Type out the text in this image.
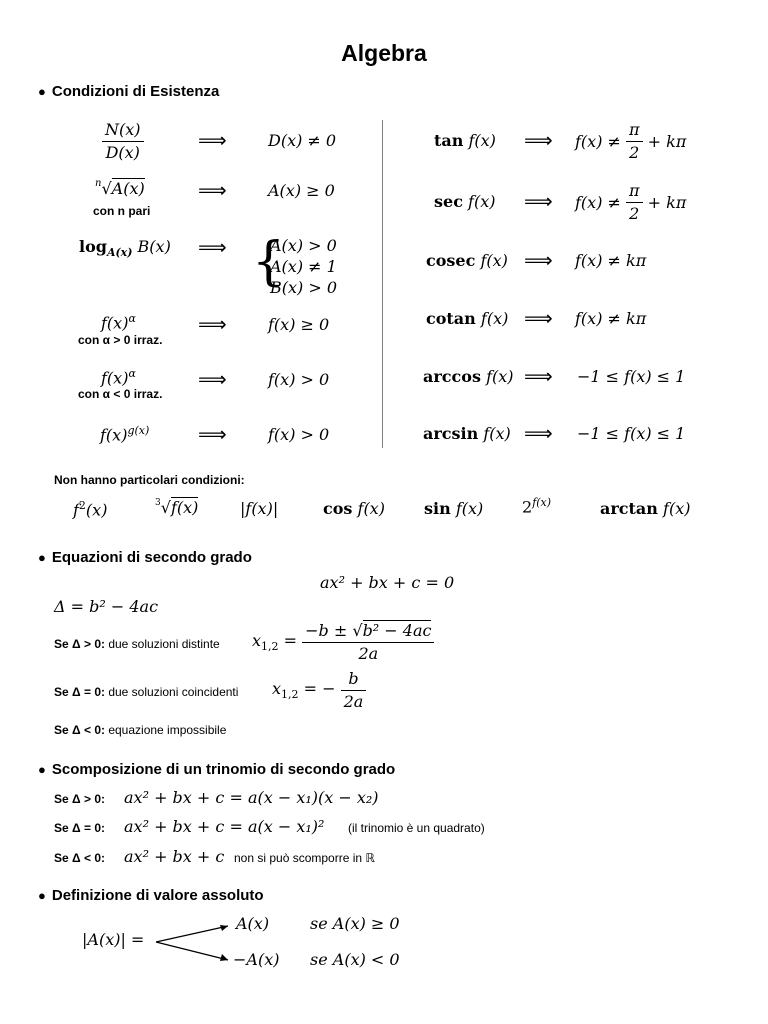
Algebra
● Condizioni di Esistenza
$\frac{N(x)}{D(x)}$	⟹	D(x) ≠ 0
$^n$√A(x)
con n pari
⟹	A(x) ≥ 0
$\log_{A(x)} B(x)$ ⟹ {
A(x) > 0
A(x) ≠ 1
B(x) > 0
$f(x)^\alpha$
con α > 0 irraz.
⟹	f(x) ≥ 0
$f(x)^\alpha$
con α < 0 irraz.
⟹	f(x) > 0
$f(x)^{g(x)}$ ⟹	f(x) > 0
tan f(x) ⟹ $f(x) \ne \frac{\pi}{2} + k\pi$
sec f(x) ⟹ $f(x) \ne \frac{\pi}{2} + k\pi$
cosec f(x) ⟹ f(x) ≠ kπ
cotan f(x) ⟹ f(x) ≠ kπ
arccos f(x) ⟹ −1 ≤ f(x) ≤ 1
arcsin f(x) ⟹ −1 ≤ f(x) ≤ 1
Non hanno particolari condizioni:
$f^2(x)$	$^3$√f(x)	|f(x)|	cos f(x) sin f(x) $2^{f(x)}$	arctan f(x)
● Equazioni di secondo grado
ax² + bx + c = 0
Δ = b² − 4ac
Se Δ > 0: due soluzioni distinte $x_{1,2} = \frac{\text{−b ± √b² − 4ac}}{2a}$
Se Δ = 0: due soluzioni coincidenti $x_{1,2}$ = − $\frac{b}{2a}$
Se Δ < 0: equazione impossibile
● Scomposizione di un trinomio di secondo grado
Se Δ > 0: ax² + bx + c = a(x − x₁)(x − x₂)
Se Δ = 0: ax² + bx + c = a(x − x₁)² (il trinomio è un quadrato)
Se Δ < 0: ax² + bx + c non si può scomporre in ℝ
● Definizione di valore assoluto
|A(x)| =
A(x)	se A(x) ≥ 0
−A(x) se A(x) < 0
